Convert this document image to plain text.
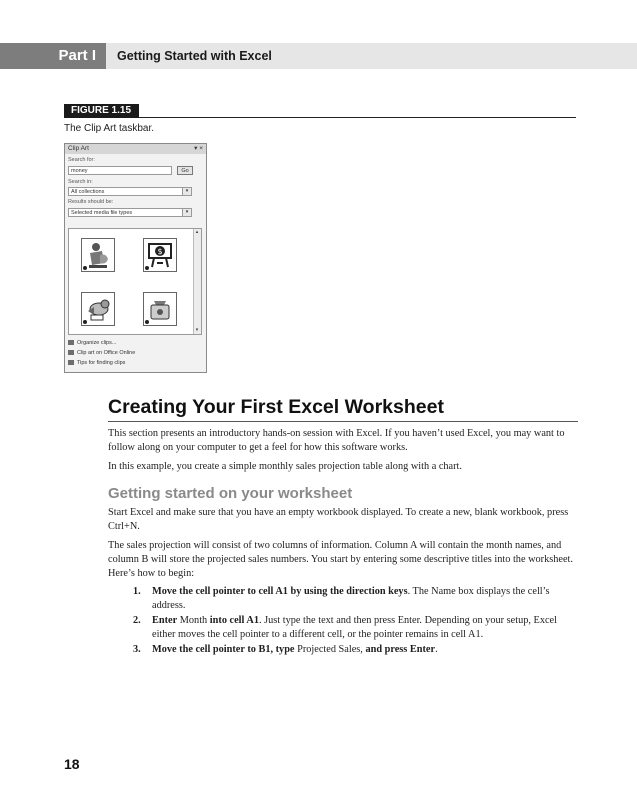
Part I	Getting Started with Excel
FIGURE 1.15
The Clip Art taskbar.
Clip Art	▾ ×
Search for:
money	Go
Search in:
All collections	▾
Results should be:
Selected media file types	▾
$
▴
▾
Organize clips...
Clip art on Office Online
Tips for finding clips
Creating Your First Excel Worksheet

This section presents an introductory hands-on session with Excel. If you haven’t used Excel, you may want to follow along on your computer to get a feel for how this software works.

In this example, you create a simple monthly sales projection table along with a chart.

Getting started on your worksheet

Start Excel and make sure that you have an empty workbook displayed. To create a new, blank workbook, press Ctrl+N.

The sales projection will consist of two columns of information. Column A will contain the month names, and column B will store the projected sales numbers. You start by entering some descriptive titles into the worksheet. Here’s how to begin:

1. Move the cell pointer to cell A1 by using the direction keys. The Name box displays the cell’s address.
2. Enter Month into cell A1. Just type the text and then press Enter. Depending on your setup, Excel either moves the cell pointer to a different cell, or the pointer remains in cell A1.
3. Move the cell pointer to B1, type Projected Sales, and press Enter.
18
